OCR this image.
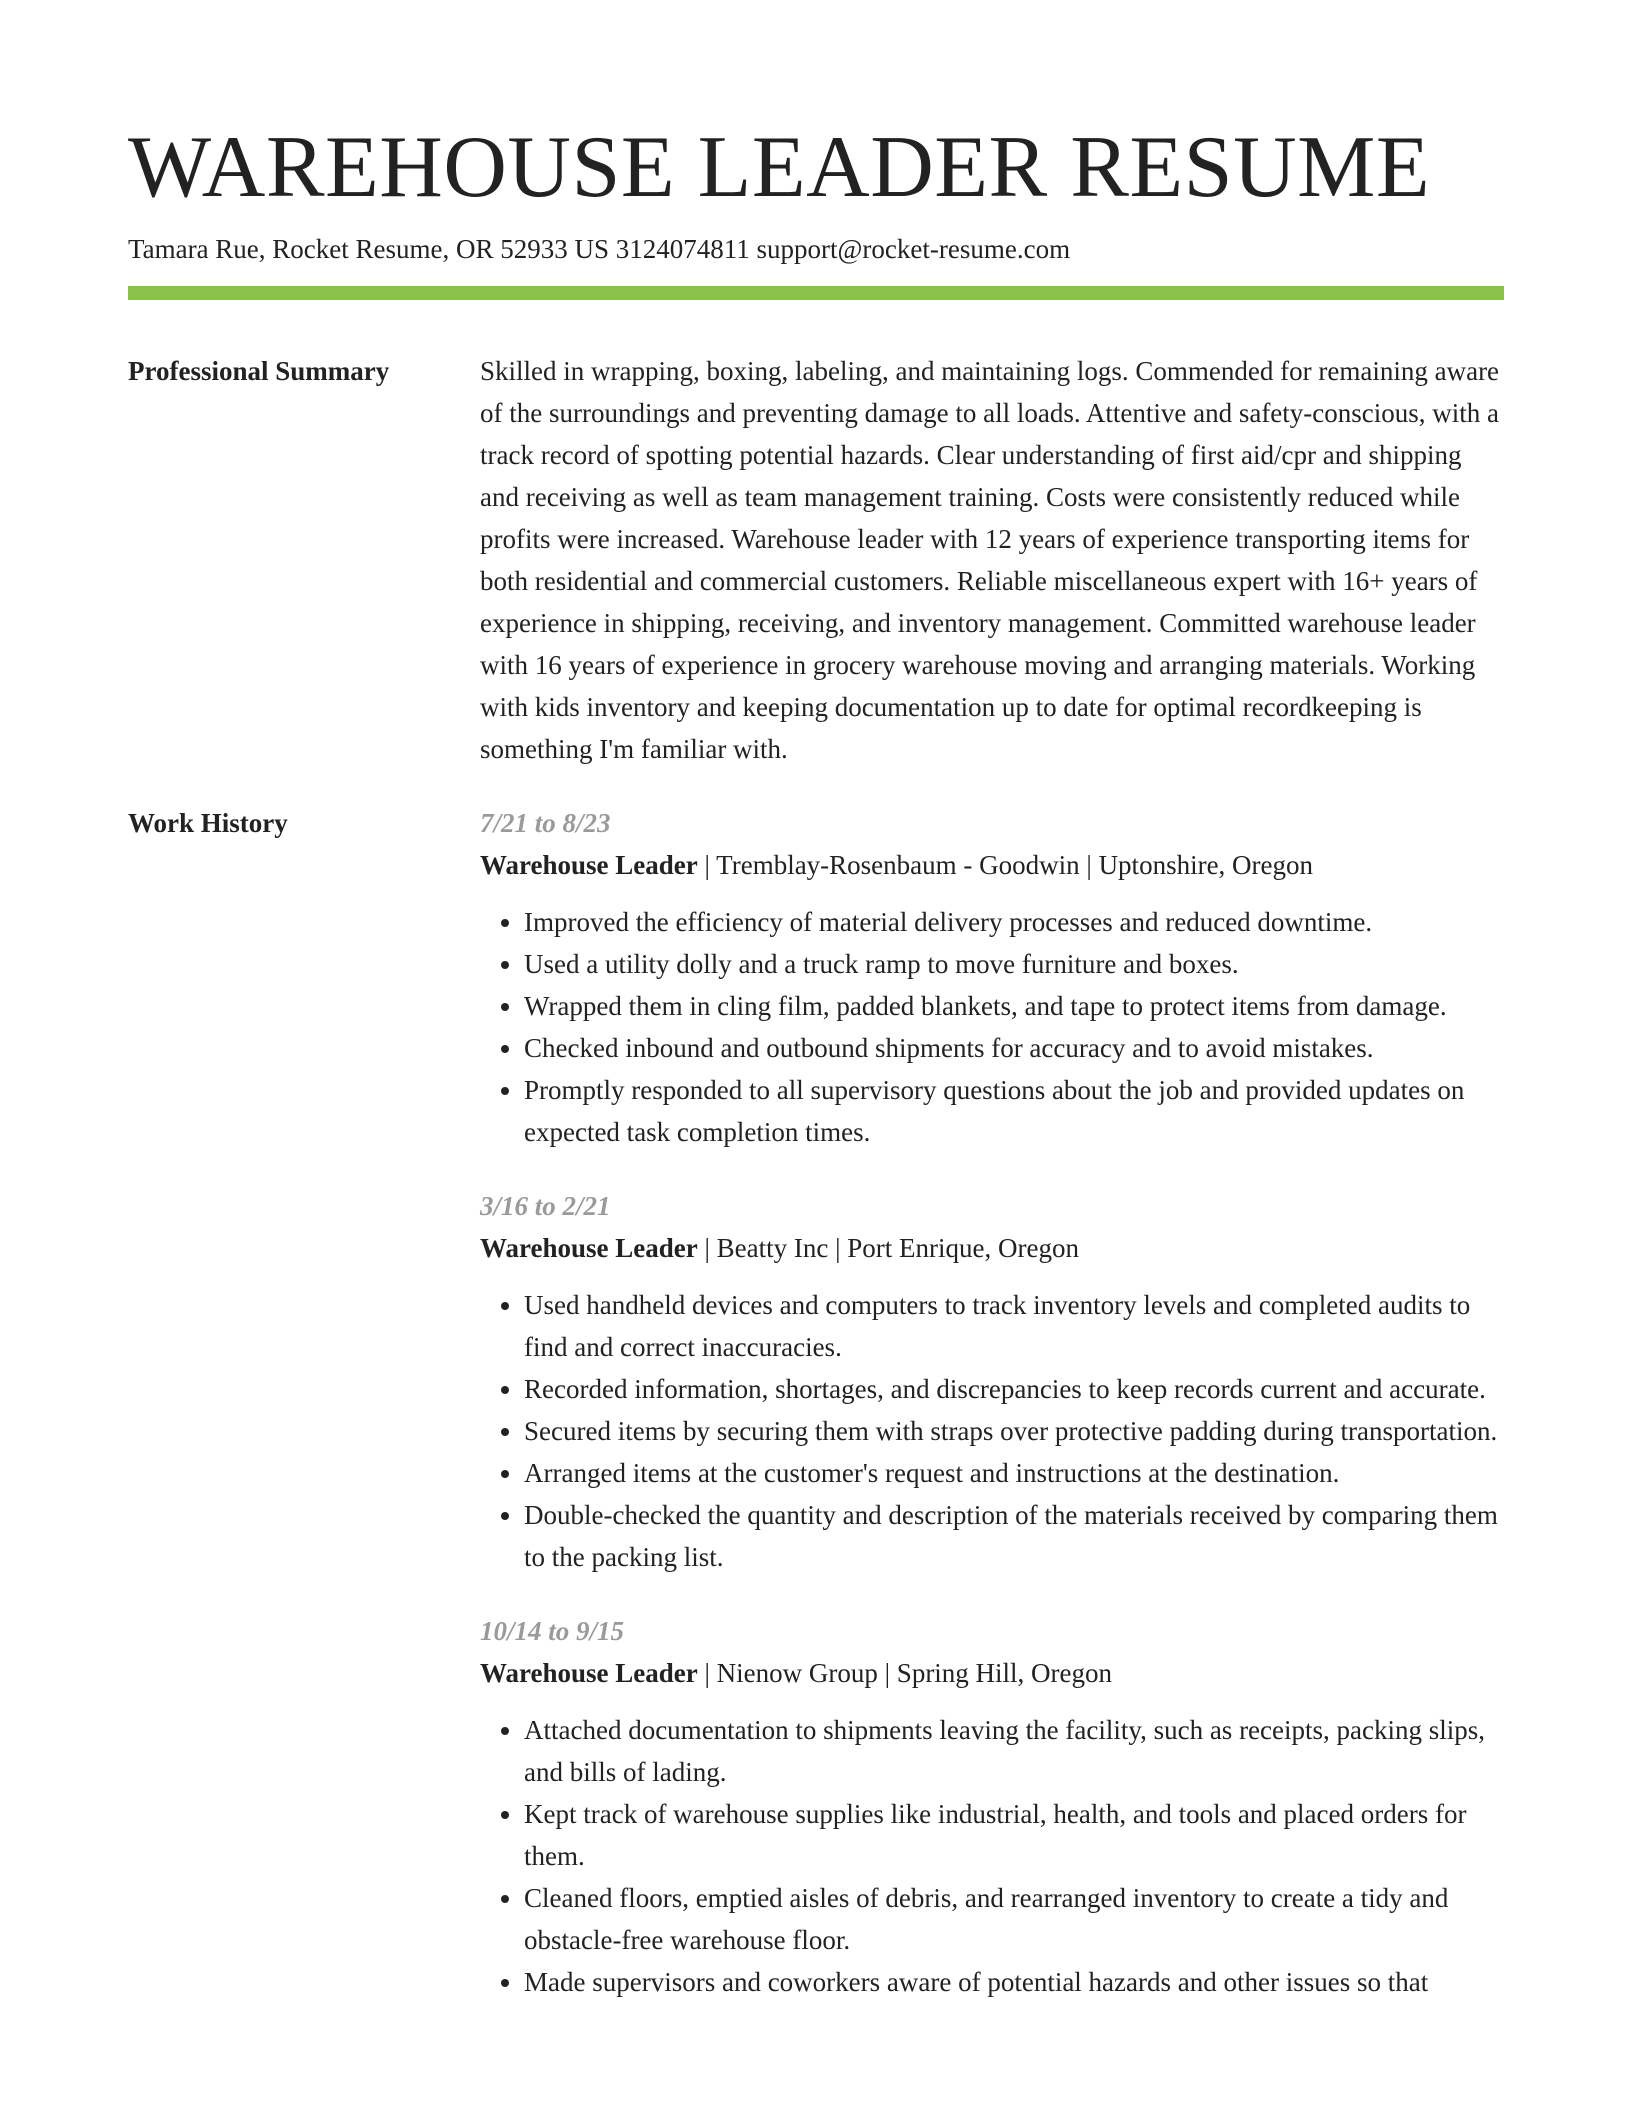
WAREHOUSE LEADER RESUME
Tamara Rue, Rocket Resume, OR 52933 US 3124074811 support@rocket-resume.com
Professional Summary	Skilled in wrapping, boxing, labeling, and maintaining logs. Commended for remaining aware of the surroundings and preventing damage to all loads. Attentive and safety-conscious, with a track record of spotting potential hazards. Clear understanding of first aid/cpr and shipping and receiving as well as team management training. Costs were consistently reduced while profits were increased. Warehouse leader with 12 years of experience transporting items for both residential and commercial customers. Reliable miscellaneous expert with 16+ years of experience in shipping, receiving, and inventory management. Committed warehouse leader with 16 years of experience in grocery warehouse moving and arranging materials. Working with kids inventory and keeping documentation up to date for optimal recordkeeping is something I'm familiar with.

Work History	7/21 to 8/23
Warehouse Leader | Tremblay-Rosenbaum - Goodwin | Uptonshire, Oregon
• Improved the efficiency of material delivery processes and reduced downtime.
• Used a utility dolly and a truck ramp to move furniture and boxes.
• Wrapped them in cling film, padded blankets, and tape to protect items from damage.
• Checked inbound and outbound shipments for accuracy and to avoid mistakes.
• Promptly responded to all supervisory questions about the job and provided updates on expected task completion times.
3/16 to 2/21
Warehouse Leader | Beatty Inc | Port Enrique, Oregon
• Used handheld devices and computers to track inventory levels and completed audits to find and correct inaccuracies.
• Recorded information, shortages, and discrepancies to keep records current and accurate.
• Secured items by securing them with straps over protective padding during transportation.
• Arranged items at the customer's request and instructions at the destination.
• Double-checked the quantity and description of the materials received by comparing them to the packing list.
10/14 to 9/15
Warehouse Leader | Nienow Group | Spring Hill, Oregon
• Attached documentation to shipments leaving the facility, such as receipts, packing slips, and bills of lading.
• Kept track of warehouse supplies like industrial, health, and tools and placed orders for them.
• Cleaned floors, emptied aisles of debris, and rearranged inventory to create a tidy and obstacle-free warehouse floor.
• Made supervisors and coworkers aware of potential hazards and other issues so that
